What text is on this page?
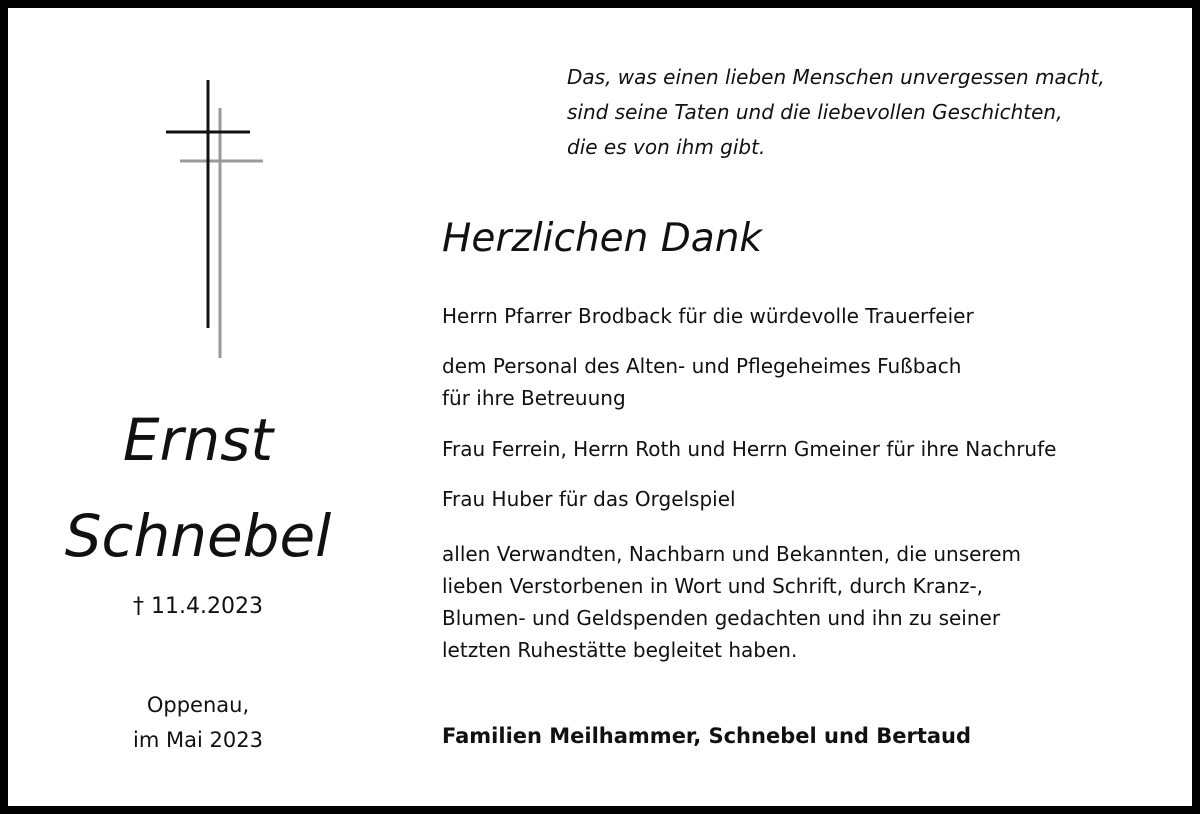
Das, was einen lieben Menschen unvergessen macht,
sind seine Taten und die liebevollen Geschichten,
die es von ihm gibt.
Herzlichen Dank
Herrn Pfarrer Brodback für die würdevolle Trauerfeier
dem Personal des Alten- und Pflegeheimes Fußbach
für ihre Betreuung
Frau Ferrein, Herrn Roth und Herrn Gmeiner für ihre Nachrufe
Frau Huber für das Orgelspiel
allen Verwandten, Nachbarn und Bekannten, die unserem
lieben Verstorbenen in Wort und Schrift, durch Kranz-,
Blumen- und Geldspenden gedachten und ihn zu seiner
letzten Ruhestätte begleitet haben.
Ernst
Schnebel
† 11.4.2023
Oppenau,
im Mai 2023	Familien Meilhammer, Schnebel und Bertaud
